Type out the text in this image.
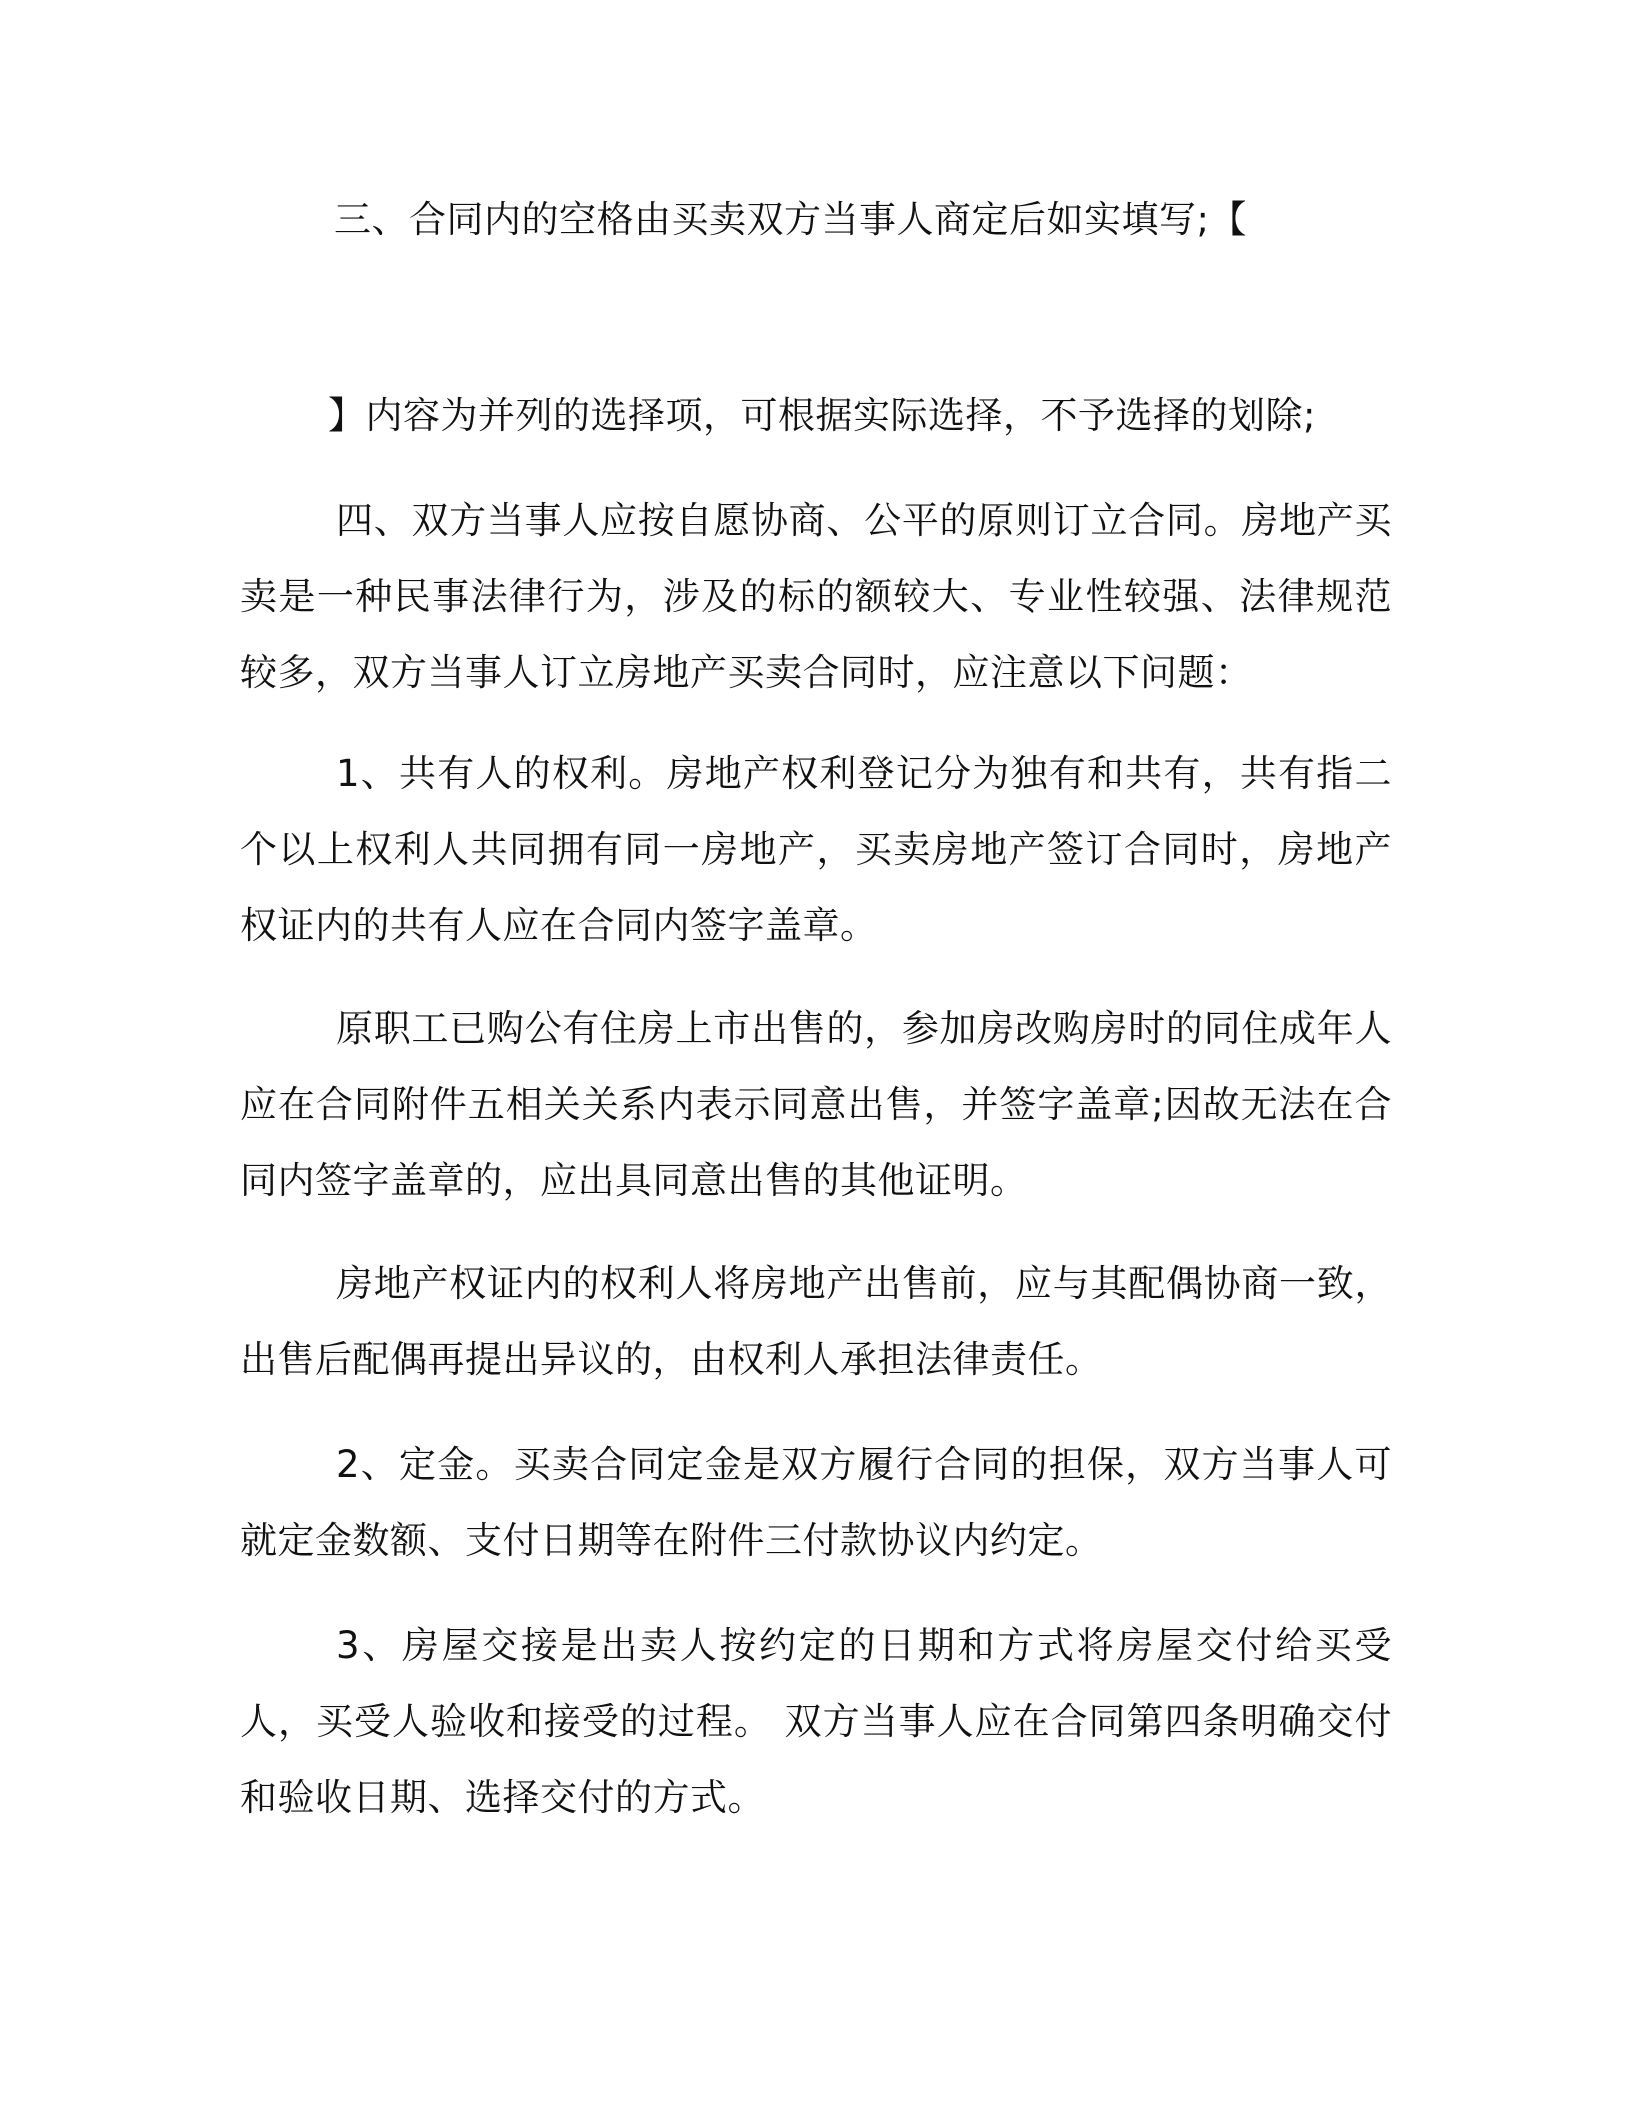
三、合同内的空格由买卖双方当事人商定后如实填写;【

】内容为并列的选择项，可根据实际选择，不予选择的划除;

四、双方当事人应按自愿协商、公平的原则订立合同。房地产买卖是一种民事法律行为，涉及的标的额较大、专业性较强、法律规范较多，双方当事人订立房地产买卖合同时，应注意以下问题：

1、共有人的权利。房地产权利登记分为独有和共有，共有指二个以上权利人共同拥有同一房地产，买卖房地产签订合同时，房地产权证内的共有人应在合同内签字盖章。

原职工已购公有住房上市出售的，参加房改购房时的同住成年人应在合同附件五相关关系内表示同意出售，并签字盖章;因故无法在合同内签字盖章的，应出具同意出售的其他证明。

房地产权证内的权利人将房地产出售前，应与其配偶协商一致，出售后配偶再提出异议的，由权利人承担法律责任。

2、定金。买卖合同定金是双方履行合同的担保，双方当事人可就定金数额、支付日期等在附件三付款协议内约定。

3、房屋交接是出卖人按约定的日期和方式将房屋交付给买受人，买受人验收和接受的过程。 双方当事人应在合同第四条明确交付和验收日期、选择交付的方式。
